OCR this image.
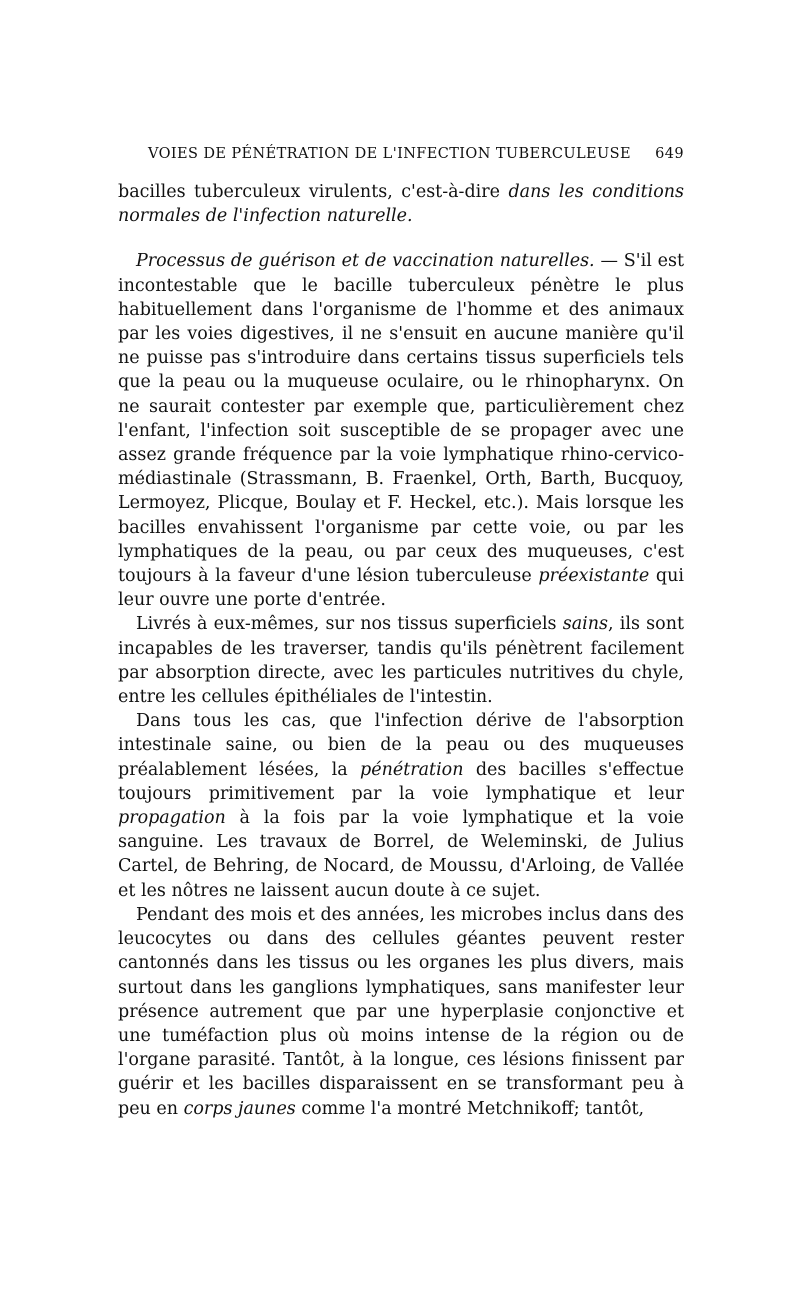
VOIES DE PÉNÉTRATION DE L'INFECTION TUBERCULEUSE 649

bacilles tuberculeux virulents, c'est-à-dire dans les conditions normales de l'infection naturelle.

Processus de guérison et de vaccination naturelles. — S'il est incontestable que le bacille tuberculeux pénètre le plus habituellement dans l'organisme de l'homme et des animaux par les voies digestives, il ne s'ensuit en aucune manière qu'il ne puisse pas s'introduire dans certains tissus superficiels tels que la peau ou la muqueuse oculaire, ou le rhinopharynx. On ne saurait contester par exemple que, particulièrement chez l'enfant, l'infection soit susceptible de se propager avec une assez grande fréquence par la voie lymphatique rhino-cervico-médiastinale (Strassmann, B. Fraenkel, Orth, Barth, Bucquoy, Lermoyez, Plicque, Boulay et F. Heckel, etc.). Mais lorsque les bacilles envahissent l'organisme par cette voie, ou par les lymphatiques de la peau, ou par ceux des muqueuses, c'est toujours à la faveur d'une lésion tuberculeuse préexistante qui leur ouvre une porte d'entrée.

Livrés à eux-mêmes, sur nos tissus superficiels sains, ils sont incapables de les traverser, tandis qu'ils pénètrent facilement par absorption directe, avec les particules nutritives du chyle, entre les cellules épithéliales de l'intestin.

Dans tous les cas, que l'infection dérive de l'absorption intestinale saine, ou bien de la peau ou des muqueuses préalablement lésées, la pénétration des bacilles s'effectue toujours primitivement par la voie lymphatique et leur propagation à la fois par la voie lymphatique et la voie sanguine. Les travaux de Borrel, de Weleminski, de Julius Cartel, de Behring, de Nocard, de Moussu, d'Arloing, de Vallée et les nôtres ne laissent aucun doute à ce sujet.

Pendant des mois et des années, les microbes inclus dans des leucocytes ou dans des cellules géantes peuvent rester cantonnés dans les tissus ou les organes les plus divers, mais surtout dans les ganglions lymphatiques, sans manifester leur présence autrement que par une hyperplasie conjonctive et une tuméfaction plus où moins intense de la région ou de l'organe parasité. Tantôt, à la longue, ces lésions finissent par guérir et les bacilles disparaissent en se transformant peu à peu en corps jaunes comme l'a montré Metchnikoff; tantôt,
